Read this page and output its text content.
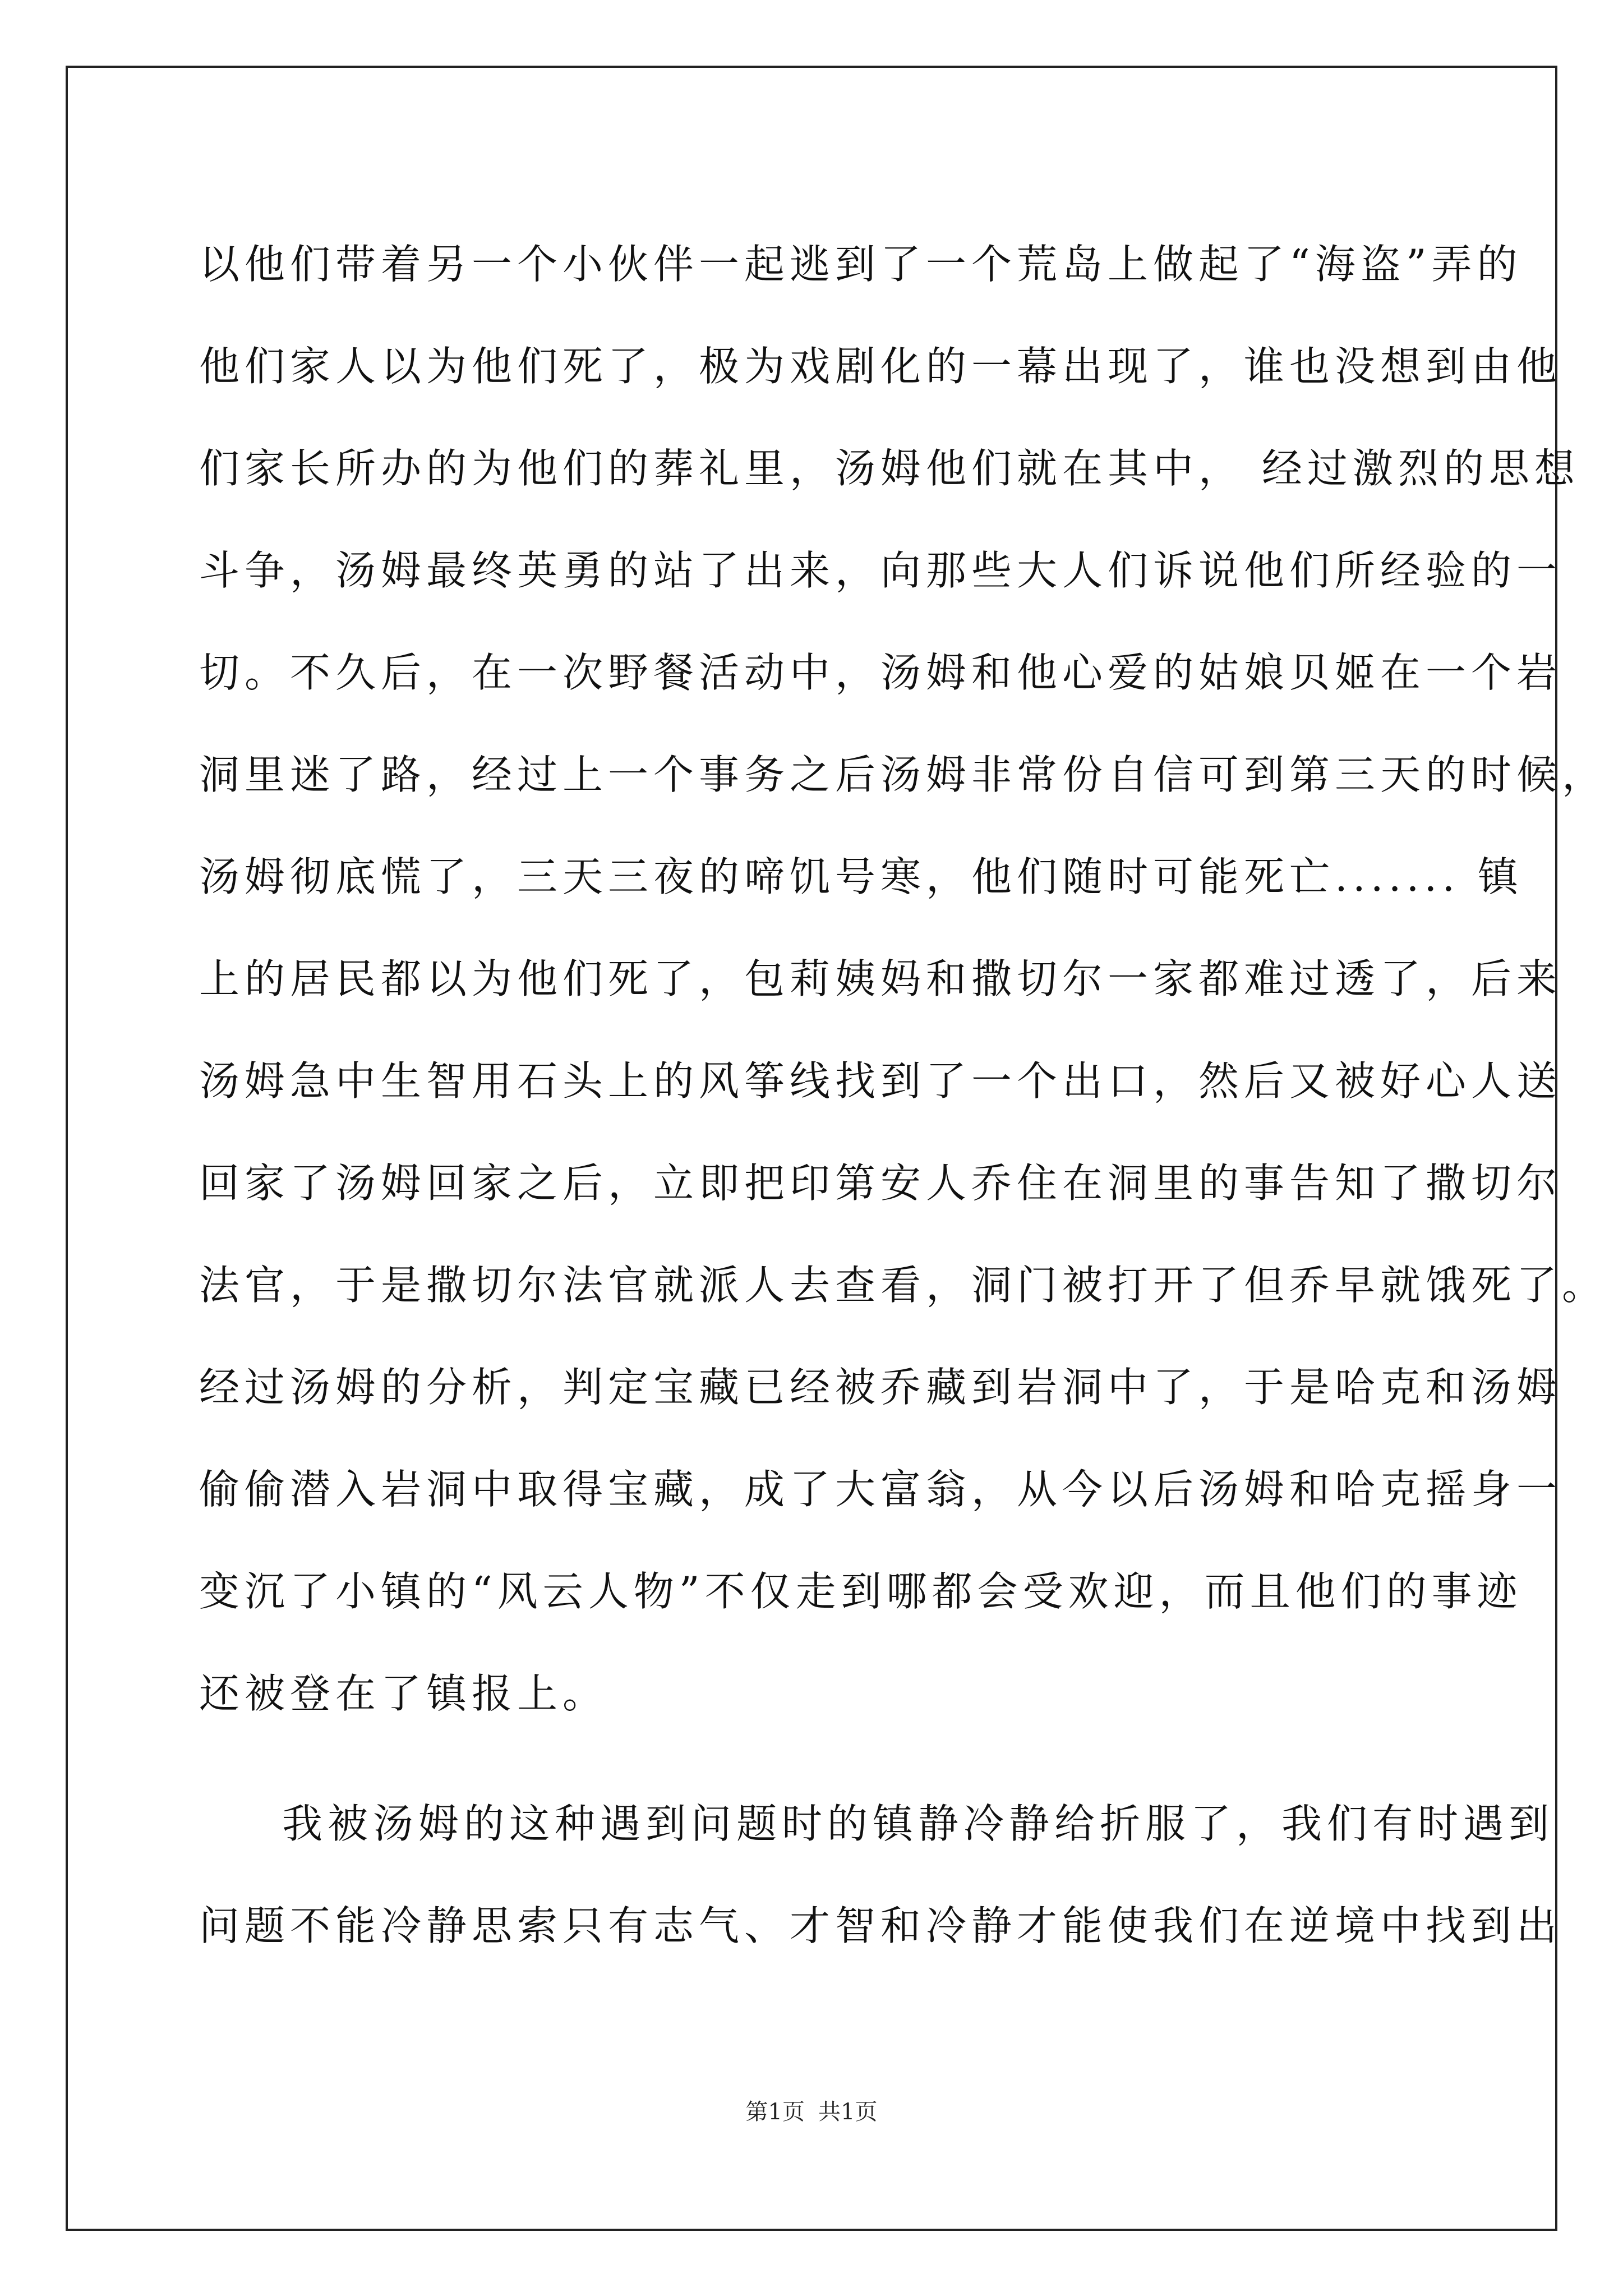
以他们带着另一个小伙伴一起逃到了一个荒岛上做起了“海盗”弄的
他们家人以为他们死了，极为戏剧化的一幕出现了，谁也没想到由他
们家长所办的为他们的葬礼里，汤姆他们就在其中， 经过激烈的思想
斗争，汤姆最终英勇的站了出来，向那些大人们诉说他们所经验的一
切。不久后，在一次野餐活动中，汤姆和他心爱的姑娘贝姬在一个岩
洞里迷了路，经过上一个事务之后汤姆非常份自信可到第三天的时候，
汤姆彻底慌了，三天三夜的啼饥号寒，他们随时可能死亡....... 镇
上的居民都以为他们死了，包莉姨妈和撒切尔一家都难过透了，后来
汤姆急中生智用石头上的风筝线找到了一个出口，然后又被好心人送
回家了汤姆回家之后，立即把印第安人乔住在洞里的事告知了撒切尔
法官，于是撒切尔法官就派人去查看，洞门被打开了但乔早就饿死了。
经过汤姆的分析，判定宝藏已经被乔藏到岩洞中了，于是哈克和汤姆
偷偷潜入岩洞中取得宝藏，成了大富翁，从今以后汤姆和哈克摇身一
变沉了小镇的“风云人物”不仅走到哪都会受欢迎，而且他们的事迹
还被登在了镇报上。
我被汤姆的这种遇到问题时的镇静冷静给折服了，我们有时遇到
问题不能冷静思索只有志气、才智和冷静才能使我们在逆境中找到出
第1页 共1页
